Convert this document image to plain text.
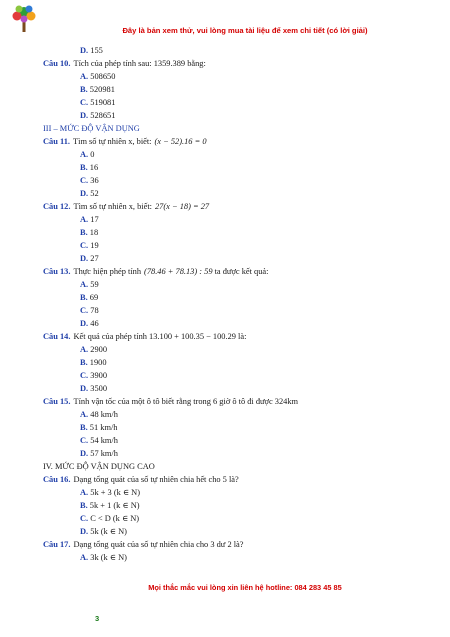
Đây là bản xem thử, vui lòng mua tài liệu để xem chi tiết (có lời giải)
D. 155
Câu 10. Tích của phép tính sau: 1359.389 bằng:
A. 508650
B. 520981
C. 519081
D. 528651
III – MỨC ĐỘ VẬN DỤNG
Câu 11. Tìm số tự nhiên x, biết: (x − 52).16 = 0
A. 0
B. 16
C. 36
D. 52
Câu 12. Tìm số tự nhiên x, biết: 27(x − 18) = 27
A. 17
B. 18
C. 19
D. 27
Câu 13. Thực hiện phép tính (78.46 + 78.13) : 59 ta được kết quả:
A. 59
B. 69
C. 78
D. 46
Câu 14. Kết quả của phép tính 13.100 + 100.35 − 100.29 là:
A. 2900
B. 1900
C. 3900
D. 3500
Câu 15. Tính vận tốc của một ô tô biết rằng trong 6 giờ ô tô đi được 324km
A. 48 km/h
B. 51 km/h
C. 54 km/h
D. 57 km/h
IV. MỨC ĐỘ VẬN DỤNG CAO
Câu 16. Dạng tổng quát của số tự nhiên chia hết cho 5 là?
A. 5k + 3 (k ∈ N)
B. 5k + 1 (k ∈ N)
C. C < D (k ∈ N)
D. 5k (k ∈ N)
Câu 17. Dạng tổng quát của số tự nhiên chia cho 3 dư 2 là?
A. 3k (k ∈ N)
Mọi thắc mắc vui lòng xin liên hệ hotline: 084 283 45 85
3
